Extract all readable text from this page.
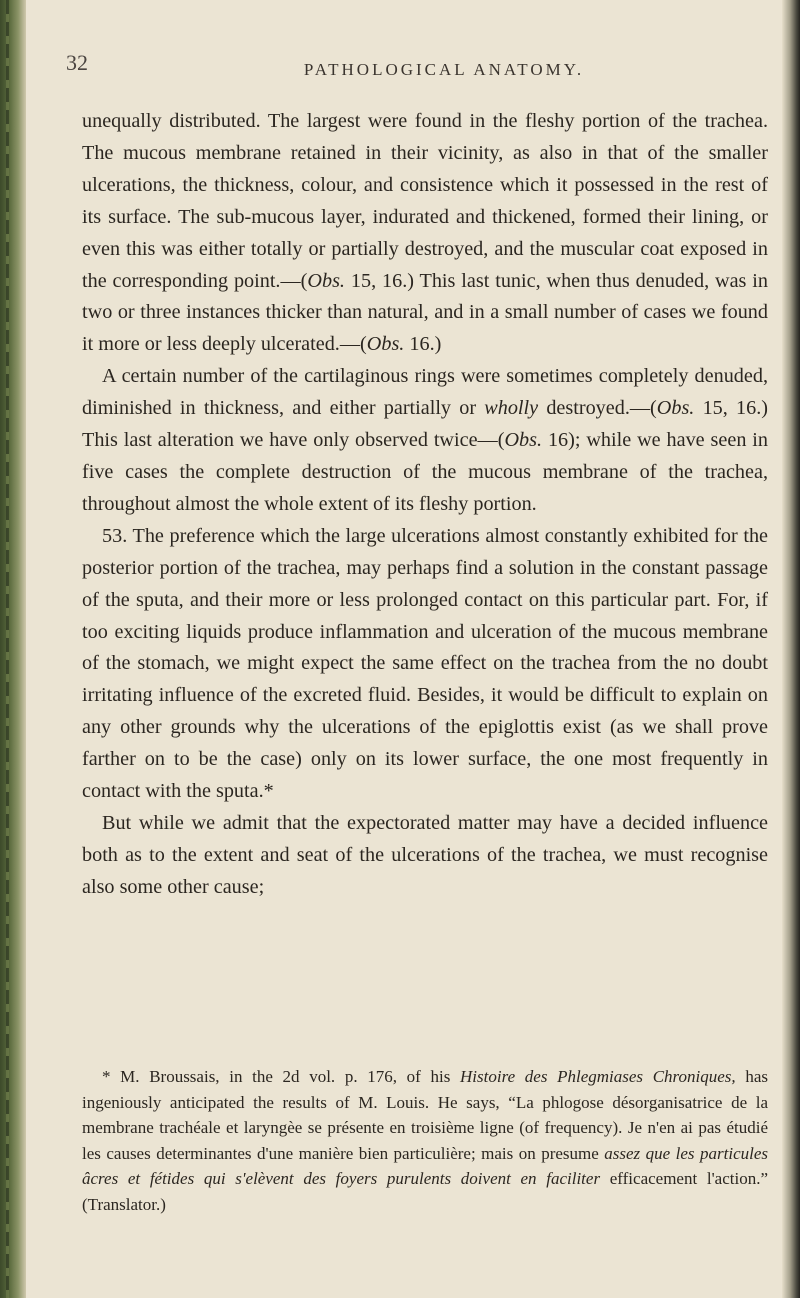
32	PATHOLOGICAL ANATOMY.

unequally distributed. The largest were found in the fleshy portion of the trachea. The mucous membrane retained in their vicinity, as also in that of the smaller ulcerations, the thickness, colour, and consistence which it possessed in the rest of its surface. The sub-mucous layer, indurated and thickened, formed their lining, or even this was either totally or partially destroyed, and the muscular coat exposed in the corresponding point.—(Obs. 15, 16.) This last tunic, when thus denuded, was in two or three instances thicker than natural, and in a small number of cases we found it more or less deeply ulcerated.—(Obs. 16.)

A certain number of the cartilaginous rings were sometimes completely denuded, diminished in thickness, and either partially or wholly destroyed.—(Obs. 15, 16.) This last alteration we have only observed twice—(Obs. 16); while we have seen in five cases the complete destruction of the mucous membrane of the trachea, throughout almost the whole extent of its fleshy portion.

53. The preference which the large ulcerations almost constantly exhibited for the posterior portion of the trachea, may perhaps find a solution in the constant passage of the sputa, and their more or less prolonged contact on this particular part. For, if too exciting liquids produce inflammation and ulceration of the mucous membrane of the stomach, we might expect the same effect on the trachea from the no doubt irritating influence of the excreted fluid. Besides, it would be difficult to explain on any other grounds why the ulcerations of the epiglottis exist (as we shall prove farther on to be the case) only on its lower surface, the one most frequently in contact with the sputa.*

But while we admit that the expectorated matter may have a decided influence both as to the extent and seat of the ulcerations of the trachea, we must recognise also some other cause;

* M. Broussais, in the 2d vol. p. 176, of his Histoire des Phlegmiases Chroniques, has ingeniously anticipated the results of M. Louis. He says, “La phlogose désorganisatrice de la membrane trachéale et laryngèe se présente en troisième ligne (of frequency). Je n'en ai pas étudié les causes determinantes d'une manière bien particulière; mais on presume assez que les particules âcres et fétides qui s'elèvent des foyers purulents doivent en faciliter efficacement l'action.” (Translator.)
